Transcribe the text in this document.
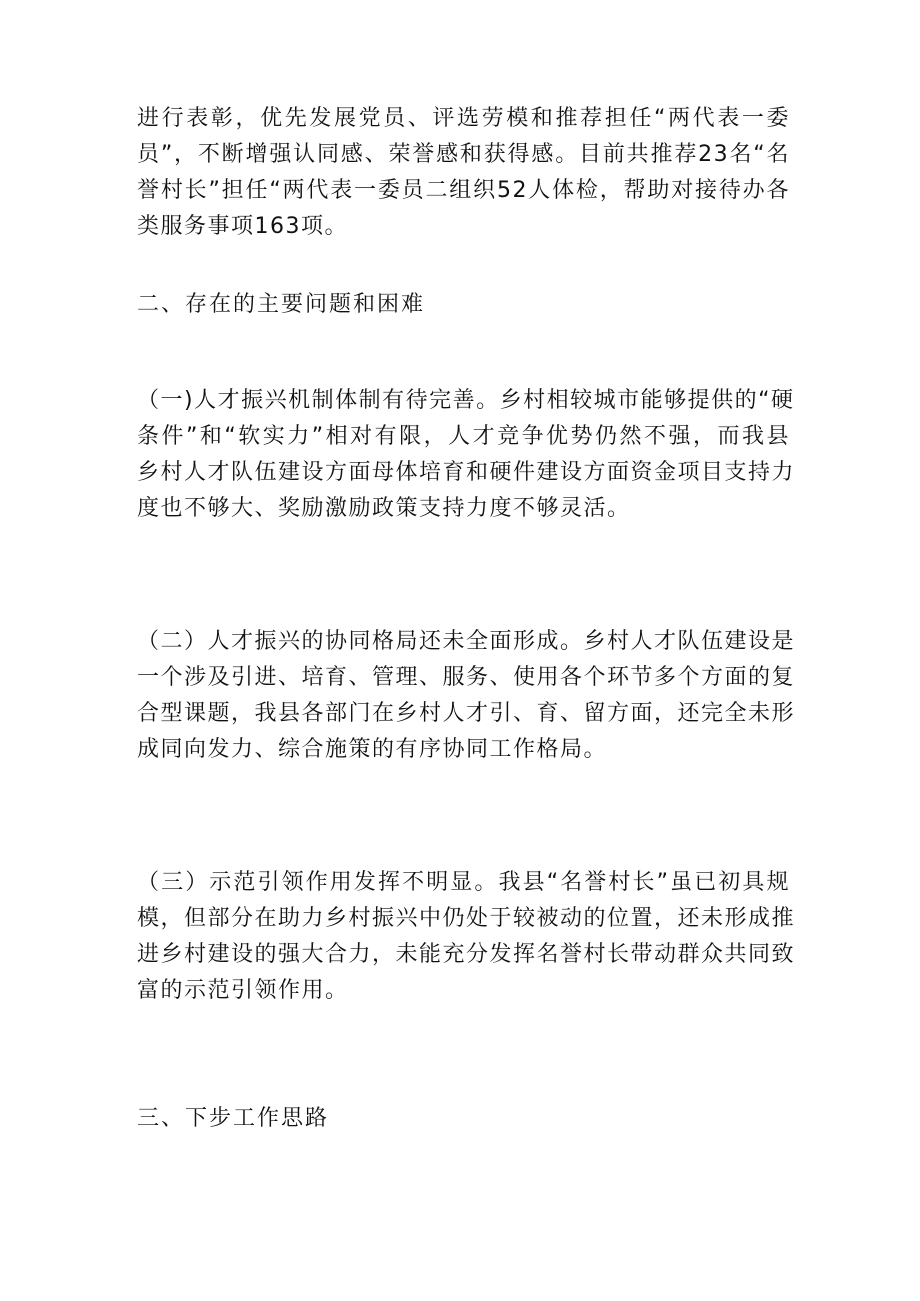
进行表彰，优先发展党员、评选劳模和推荐担任“两代表一委
员”，不断增强认同感、荣誉感和获得感。目前共推荐23名“名
誉村长”担任“两代表一委员二组织52人体检，帮助对接待办各
类服务事项163项。
二、存在的主要问题和困难
（一)人才振兴机制体制有待完善。乡村相较城市能够提供的“硬
条件”和“软实力”相对有限，人才竞争优势仍然不强，而我县
乡村人才队伍建设方面母体培育和硬件建设方面资金项目支持力
度也不够大、奖励激励政策支持力度不够灵活。
（二）人才振兴的协同格局还未全面形成。乡村人才队伍建设是
一个涉及引进、培育、管理、服务、使用各个环节多个方面的复
合型课题，我县各部门在乡村人才引、育、留方面，还完全未形
成同向发力、综合施策的有序协同工作格局。
（三）示范引领作用发挥不明显。我县“名誉村长”虽已初具规
模，但部分在助力乡村振兴中仍处于较被动的位置，还未形成推
进乡村建设的强大合力，未能充分发挥名誉村长带动群众共同致
富的示范引领作用。
三、下步工作思路
